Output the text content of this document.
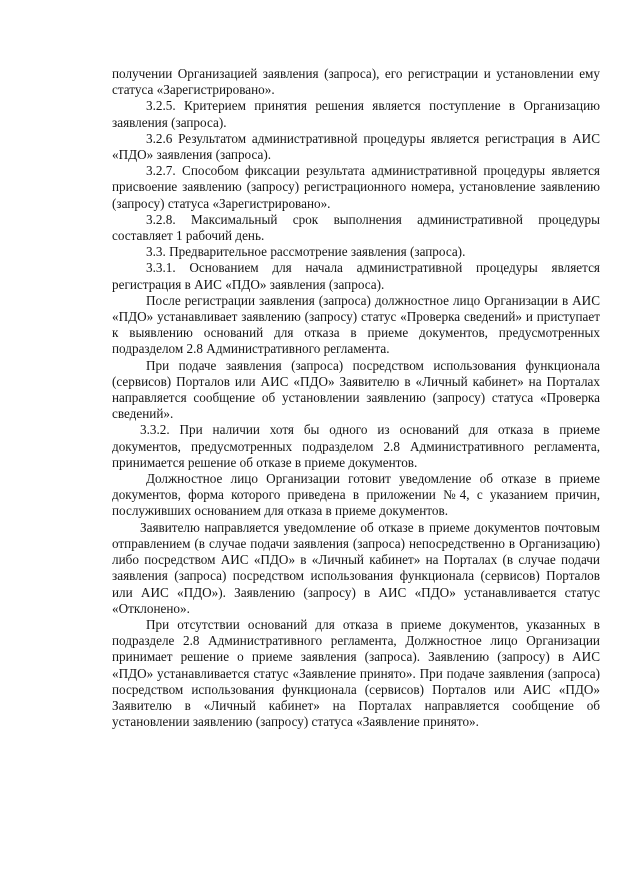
получении Организацией заявления (запроса), его регистрации и установлении ему статуса «Зарегистрировано».

3.2.5. Критерием принятия решения является поступление в Организацию заявления (запроса).

3.2.6 Результатом административной процедуры является регистрация в АИС «ПДО» заявления (запроса).

3.2.7. Способом фиксации результата административной процедуры является присвоение заявлению (запросу) регистрационного номера, установление заявлению (запросу) статуса «Зарегистрировано».

3.2.8. Максимальный срок выполнения административной процедуры составляет 1 рабочий день.

3.3. Предварительное рассмотрение заявления (запроса).

3.3.1. Основанием для начала административной процедуры является регистрация в АИС «ПДО» заявления (запроса).

После регистрации заявления (запроса) должностное лицо Организации в АИС «ПДО» устанавливает заявлению (запросу) статус «Проверка сведений» и приступает к выявлению оснований для отказа в приеме документов, предусмотренных подразделом 2.8 Административного регламента.

При подаче заявления (запроса) посредством использования функционала (сервисов) Порталов или АИС «ПДО» Заявителю в «Личный кабинет» на Порталах направляется сообщение об установлении заявлению (запросу) статуса «Проверка сведений».

3.3.2. При наличии хотя бы одного из оснований для отказа в приеме документов, предусмотренных подразделом 2.8 Административного регламента, принимается решение об отказе в приеме документов.

Должностное лицо Организации готовит уведомление об отказе в приеме документов, форма которого приведена в приложении №4, с указанием причин, послуживших основанием для отказа в приеме документов.

Заявителю направляется уведомление об отказе в приеме документов почтовым отправлением (в случае подачи заявления (запроса) непосредственно в Организацию) либо посредством АИС «ПДО» в «Личный кабинет» на Порталах (в случае подачи заявления (запроса) посредством использования функционала (сервисов) Порталов или АИС «ПДО»). Заявлению (запросу) в АИС «ПДО» устанавливается статус «Отклонено».

При отсутствии оснований для отказа в приеме документов, указанных в подразделе 2.8 Административного регламента, Должностное лицо Организации принимает решение о приеме заявления (запроса). Заявлению (запросу) в АИС «ПДО» устанавливается статус «Заявление принято». При подаче заявления (запроса) посредством использования функционала (сервисов) Порталов или АИС «ПДО» Заявителю в «Личный кабинет» на Порталах направляется сообщение об установлении заявлению (запросу) статуса «Заявление принято».
